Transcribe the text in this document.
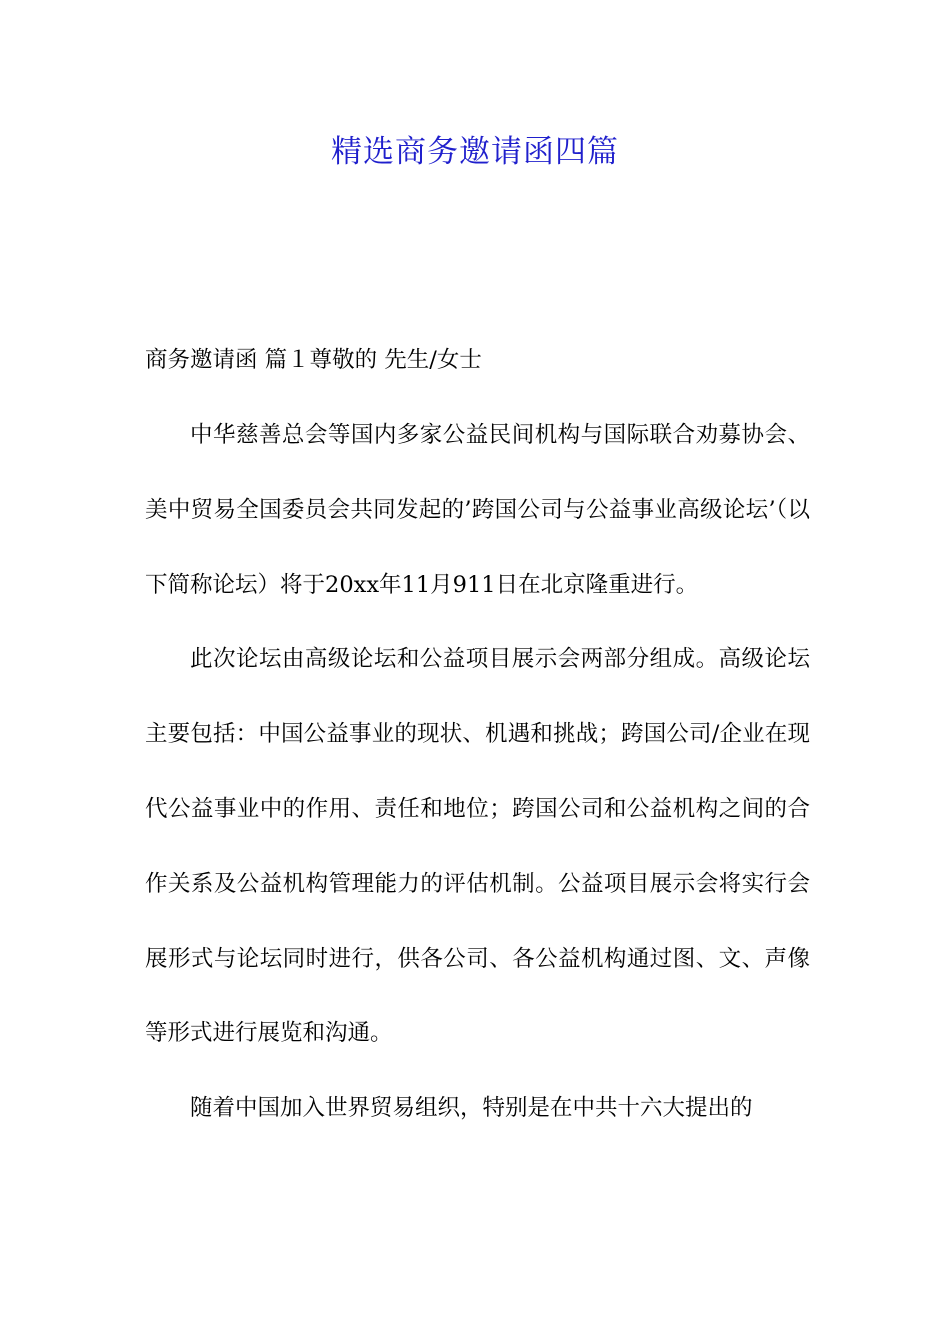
精选商务邀请函四篇
商务邀请函 篇１尊敬的 先生/女士

中华慈善总会等国内多家公益民间机构与国际联合劝募协会、美中贸易全国委员会共同发起的’跨国公司与公益事业高级论坛’（以下简称论坛）将于20xx年11月911日在北京隆重进行。

此次论坛由高级论坛和公益项目展示会两部分组成。高级论坛主要包括：中国公益事业的现状、机遇和挑战；跨国公司/企业在现代公益事业中的作用、责任和地位；跨国公司和公益机构之间的合作关系及公益机构管理能力的评估机制。公益项目展示会将实行会展形式与论坛同时进行，供各公司、各公益机构通过图、文、声像等形式进行展览和沟通。

随着中国加入世界贸易组织，特别是在中共十六大提出的
